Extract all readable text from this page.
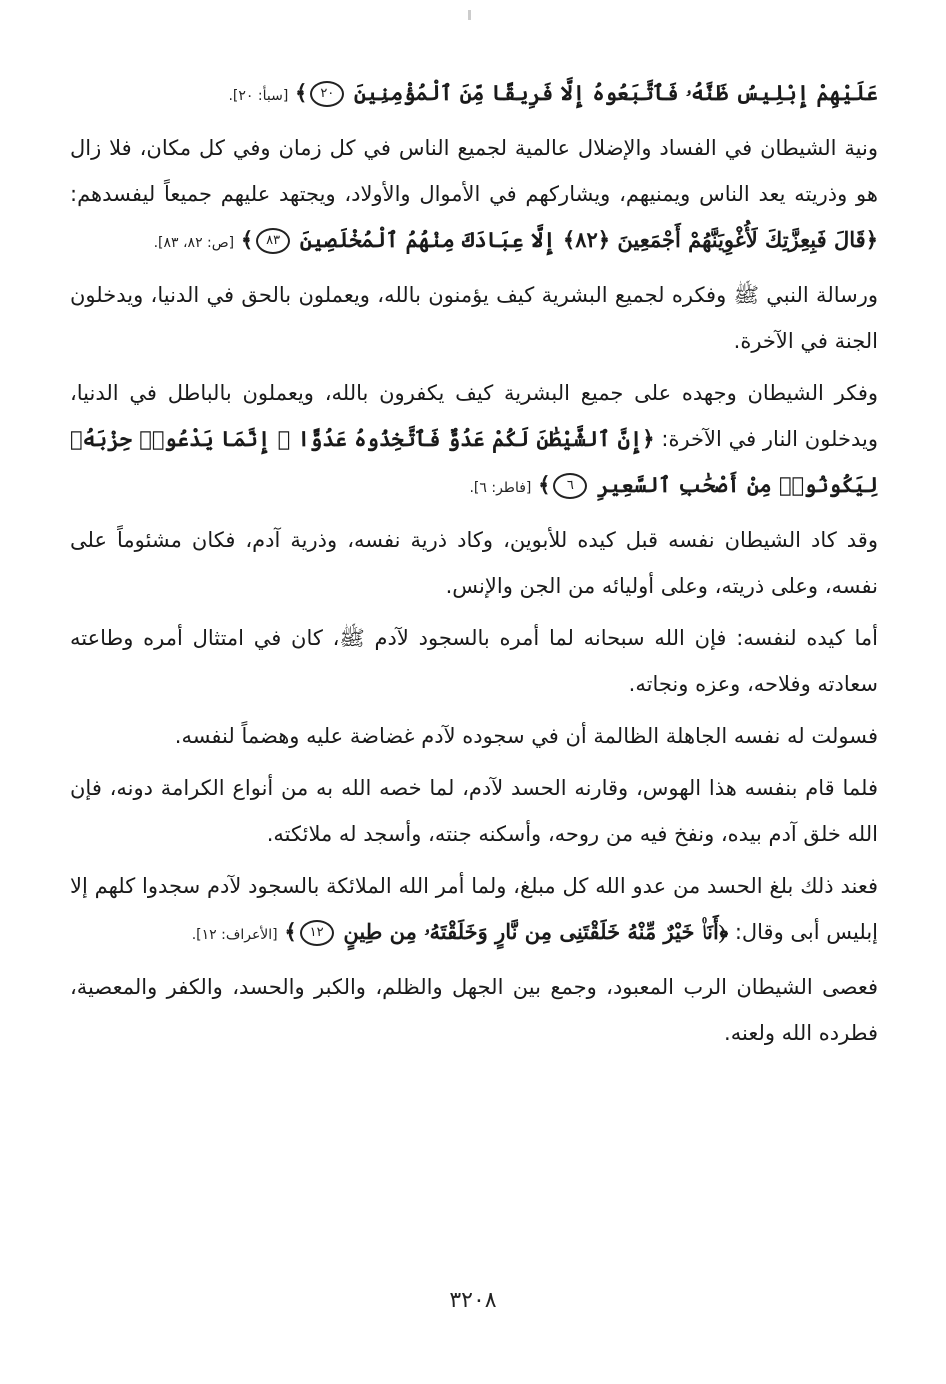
عَلَيْهِمْ إِبْلِيسُ ظَنَّهُۥ فَٱتَّبَعُوهُ إِلَّا فَرِيقًا مِّنَ ٱلْمُؤْمِنِينَ ٢٠﴾ [سبأ: ٢٠].

ونية الشيطان في الفساد والإضلال عالمية لجميع الناس في كل زمان وفي كل مكان، فلا زال هو وذريته يعد الناس ويمنيهم، ويشاركهم في الأموال والأولاد، ويجتهد عليهم جميعاً ليفسدهم: ﴿قَالَ فَبِعِزَّتِكَ لَأُغْوِيَنَّهُمْ أَجْمَعِينَ ﴿٨٢﴾ إِلَّا عِبَادَكَ مِنْهُمُ ٱلْمُخْلَصِينَ ٨٣﴾ [ص: ٨٢، ٨٣].

ورسالة النبي ﷺ وفكره لجميع البشرية كيف يؤمنون بالله، ويعملون بالحق في الدنيا، ويدخلون الجنة في الآخرة.

وفكر الشيطان وجهده على جميع البشرية كيف يكفرون بالله، ويعملون بالباطل في الدنيا، ويدخلون النار في الآخرة: ﴿إِنَّ ٱلشَّيْطَٰنَ لَكُمْ عَدُوٌّ فَٱتَّخِذُوهُ عَدُوًّا ۚ إِنَّمَا يَدْعُوا۟ حِزْبَهُۥ لِيَكُونُوا۟ مِنْ أَصْحَٰبِ ٱلسَّعِيرِ ٦﴾ [فاطر: ٦].

وقد كاد الشيطان نفسه قبل كيده للأبوين، وكاد ذرية نفسه، وذرية آدم، فكان مشئوماً على نفسه، وعلى ذريته، وعلى أوليائه من الجن والإنس.

أما كيده لنفسه: فإن الله سبحانه لما أمره بالسجود لآدم ﷺ، كان في امتثال أمره وطاعته سعادته وفلاحه، وعزه ونجاته.

فسولت له نفسه الجاهلة الظالمة أن في سجوده لآدم غضاضة عليه وهضماً لنفسه.

فلما قام بنفسه هذا الهوس، وقارنه الحسد لآدم، لما خصه الله به من أنواع الكرامة دونه، فإن الله خلق آدم بيده، ونفخ فيه من روحه، وأسكنه جنته، وأسجد له ملائكته.

فعند ذلك بلغ الحسد من عدو الله كل مبلغ، ولما أمر الله الملائكة بالسجود لآدم سجدوا كلهم إلا إبليس أبى وقال: ﴿أَنَا۠ خَيْرٌ مِّنْهُ خَلَقْتَنِى مِن نَّارٍ وَخَلَقْتَهُۥ مِن طِينٍ ١٢﴾ [الأعراف: ١٢].

فعصى الشيطان الرب المعبود، وجمع بين الجهل والظلم، والكبر والحسد، والكفر والمعصية، فطرده الله ولعنه.

٣٢٠٨
